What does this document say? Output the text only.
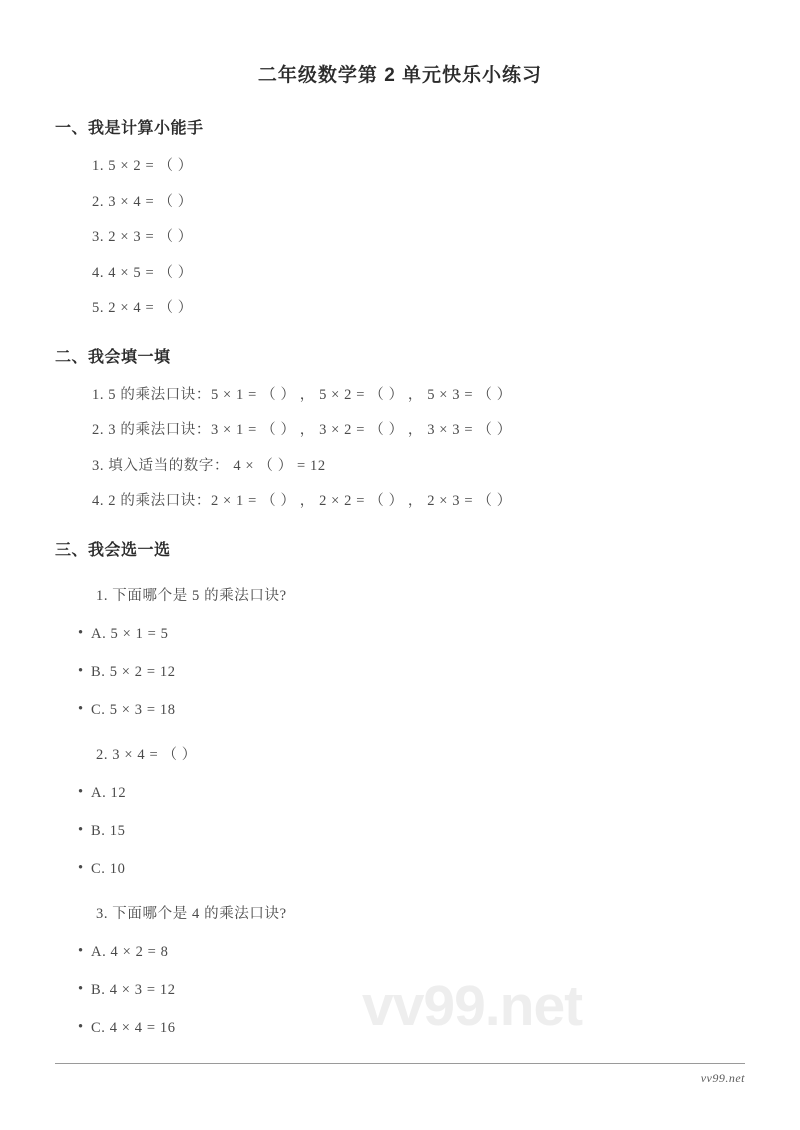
vv99.net
二年级数学第 2 单元快乐小练习
一、我是计算小能手
1. 5 × 2 = （ ）
2. 3 × 4 = （ ）
3. 2 × 3 = （ ）
4. 4 × 5 = （ ）
5. 2 × 4 = （ ）
二、我会填一填
1. 5 的乘法口诀：5 × 1 = （ ） ， 5 × 2 = （ ） ， 5 × 3 = （ ）
2. 3 的乘法口诀：3 × 1 = （ ） ， 3 × 2 = （ ） ， 3 × 3 = （ ）
3. 填入适当的数字： 4 × （ ） = 12
4. 2 的乘法口诀：2 × 1 = （ ） ， 2 × 2 = （ ） ， 2 × 3 = （ ）
三、我会选一选
1. 下面哪个是 5 的乘法口诀?
• A. 5 × 1 = 5
• B. 5 × 2 = 12
• C. 5 × 3 = 18
2. 3 × 4 = （ ）
• A. 12
• B. 15
• C. 10
3. 下面哪个是 4 的乘法口诀?
• A. 4 × 2 = 8
• B. 4 × 3 = 12
• C. 4 × 4 = 16
vv99.net
